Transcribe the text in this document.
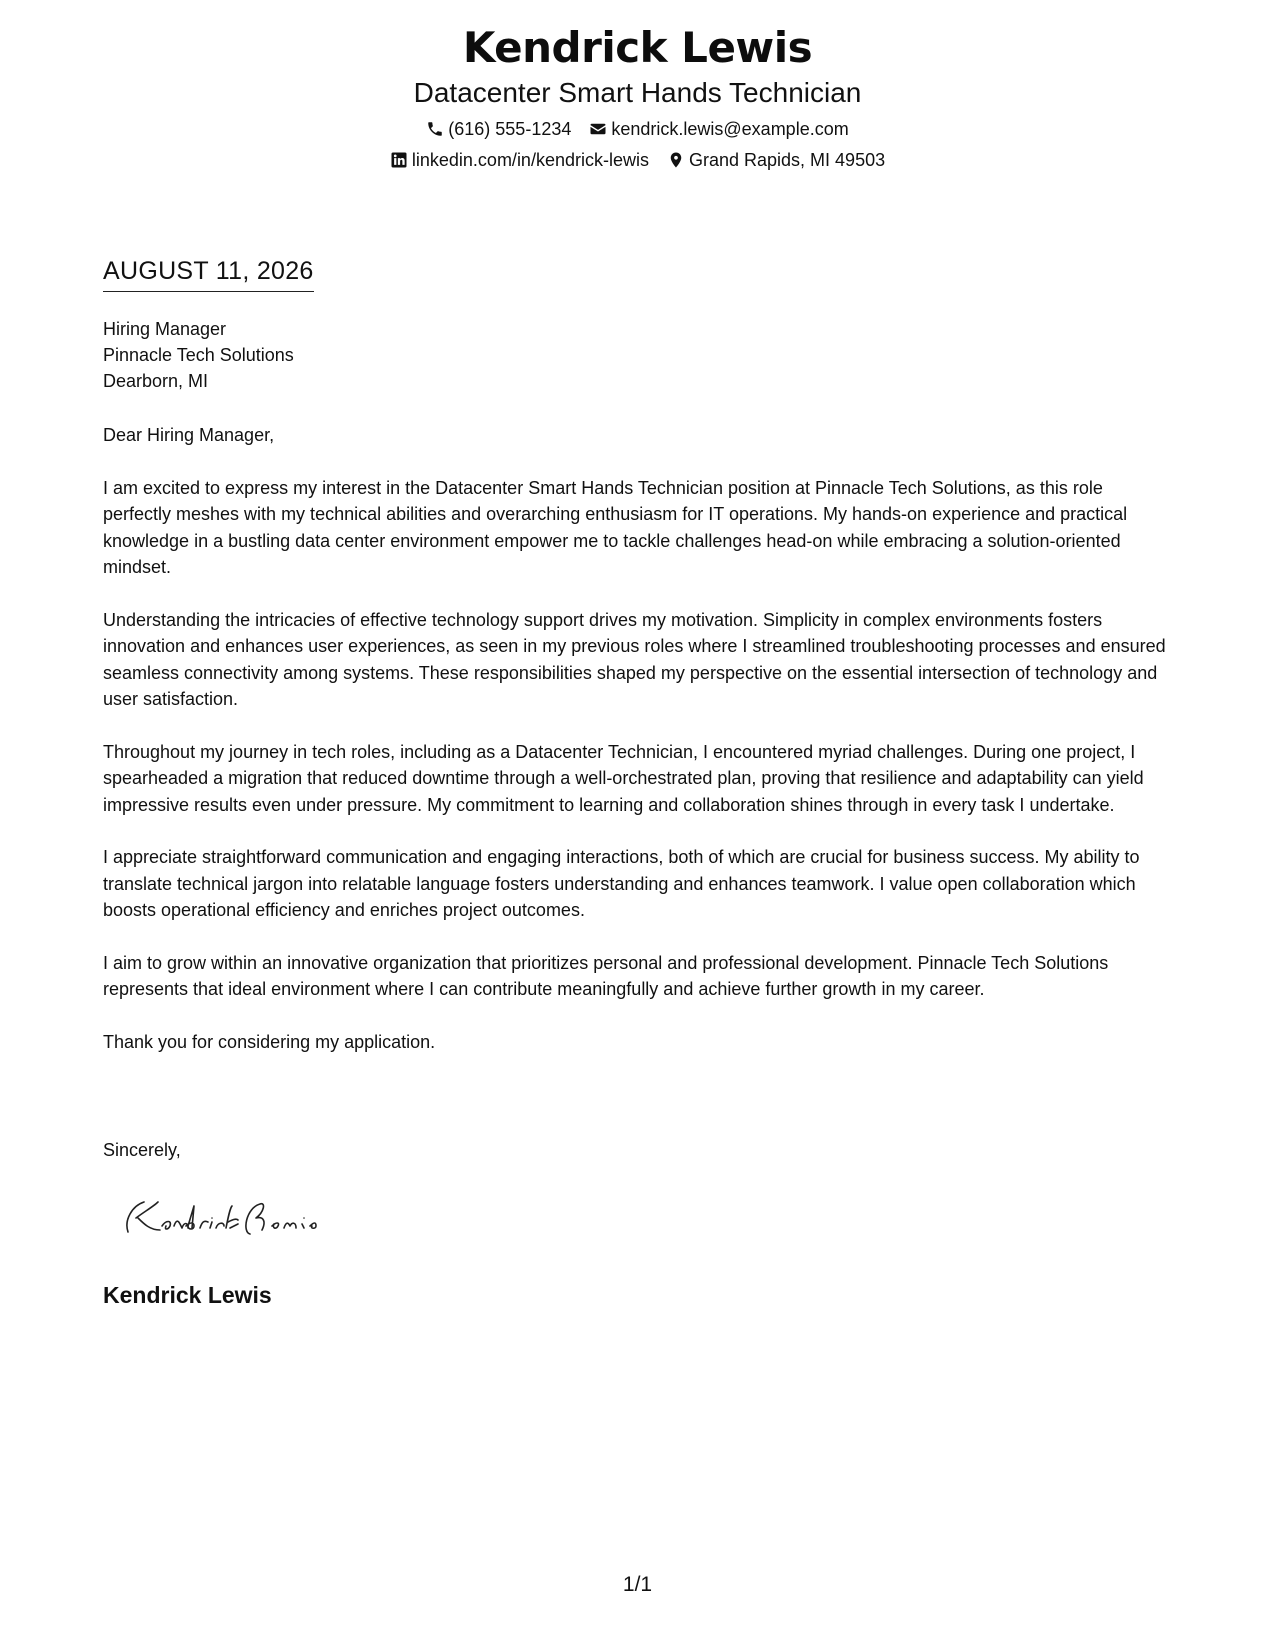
Kendrick Lewis
Datacenter Smart Hands Technician
(616) 555-1234 kendrick.lewis@example.com
linkedin.com/in/kendrick-lewis Grand Rapids, MI 49503
AUGUST 11, 2026
Hiring Manager
Pinnacle Tech Solutions
Dearborn, MI

Dear Hiring Manager,

I am excited to express my interest in the Datacenter Smart Hands Technician position at Pinnacle Tech Solutions, as this role perfectly meshes with my technical abilities and overarching enthusiasm for IT operations. My hands-on experience and practical knowledge in a bustling data center environment empower me to tackle challenges head-on while embracing a solution-oriented mindset.

Understanding the intricacies of effective technology support drives my motivation. Simplicity in complex environments fosters innovation and enhances user experiences, as seen in my previous roles where I streamlined troubleshooting processes and ensured seamless connectivity among systems. These responsibilities shaped my perspective on the essential intersection of technology and user satisfaction.

Throughout my journey in tech roles, including as a Datacenter Technician, I encountered myriad challenges. During one project, I spearheaded a migration that reduced downtime through a well-orchestrated plan, proving that resilience and adaptability can yield impressive results even under pressure. My commitment to learning and collaboration shines through in every task I undertake.

I appreciate straightforward communication and engaging interactions, both of which are crucial for business success. My ability to translate technical jargon into relatable language fosters understanding and enhances teamwork. I value open collaboration which boosts operational efficiency and enriches project outcomes.

I aim to grow within an innovative organization that prioritizes personal and professional development. Pinnacle Tech Solutions represents that ideal environment where I can contribute meaningfully and achieve further growth in my career.

Thank you for considering my application.

Sincerely,
Kendrick Lewis
1/1
